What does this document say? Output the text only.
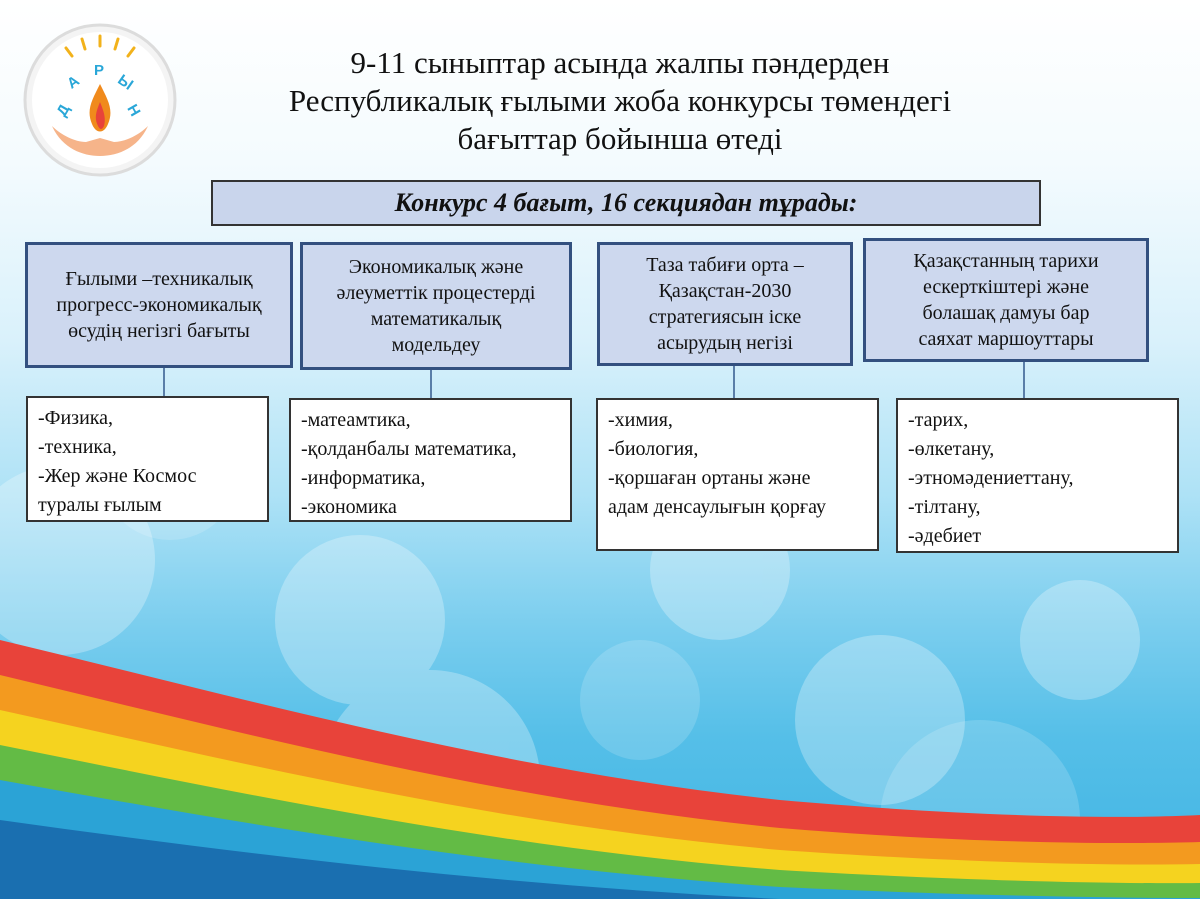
Д
А
Р
Ы
Н
9-11 сыныптар асында жалпы пәндерден
Республикалық ғылыми жоба конкурсы төмендегі
бағыттар бойынша өтеді
Конкурс 4 бағыт, 16 секциядан тұрады:
Ғылыми –техникалық
прогресс-экономикалық
өсудің негізгі бағыты
-Физика,
-техника,
-Жер және Космос
туралы ғылым
Экономикалық және
әлеуметтік процестерді
математикалық
модельдеу
-матеамтика,
-қолданбалы математика,
-информатика,
-экономика
Таза табиғи орта –
Қазақстан-2030
стратегиясын іске
асырудың негізі
-химия,
-биология,
-қоршаған ортаны және
адам денсаулығын қорғау
Қазақстанның тарихи
ескерткіштері және
болашақ дамуы бар
саяхат маршоуттары
-тарих,
-өлкетану,
-этномәдениеттану,
-тілтану,
-әдебиет
